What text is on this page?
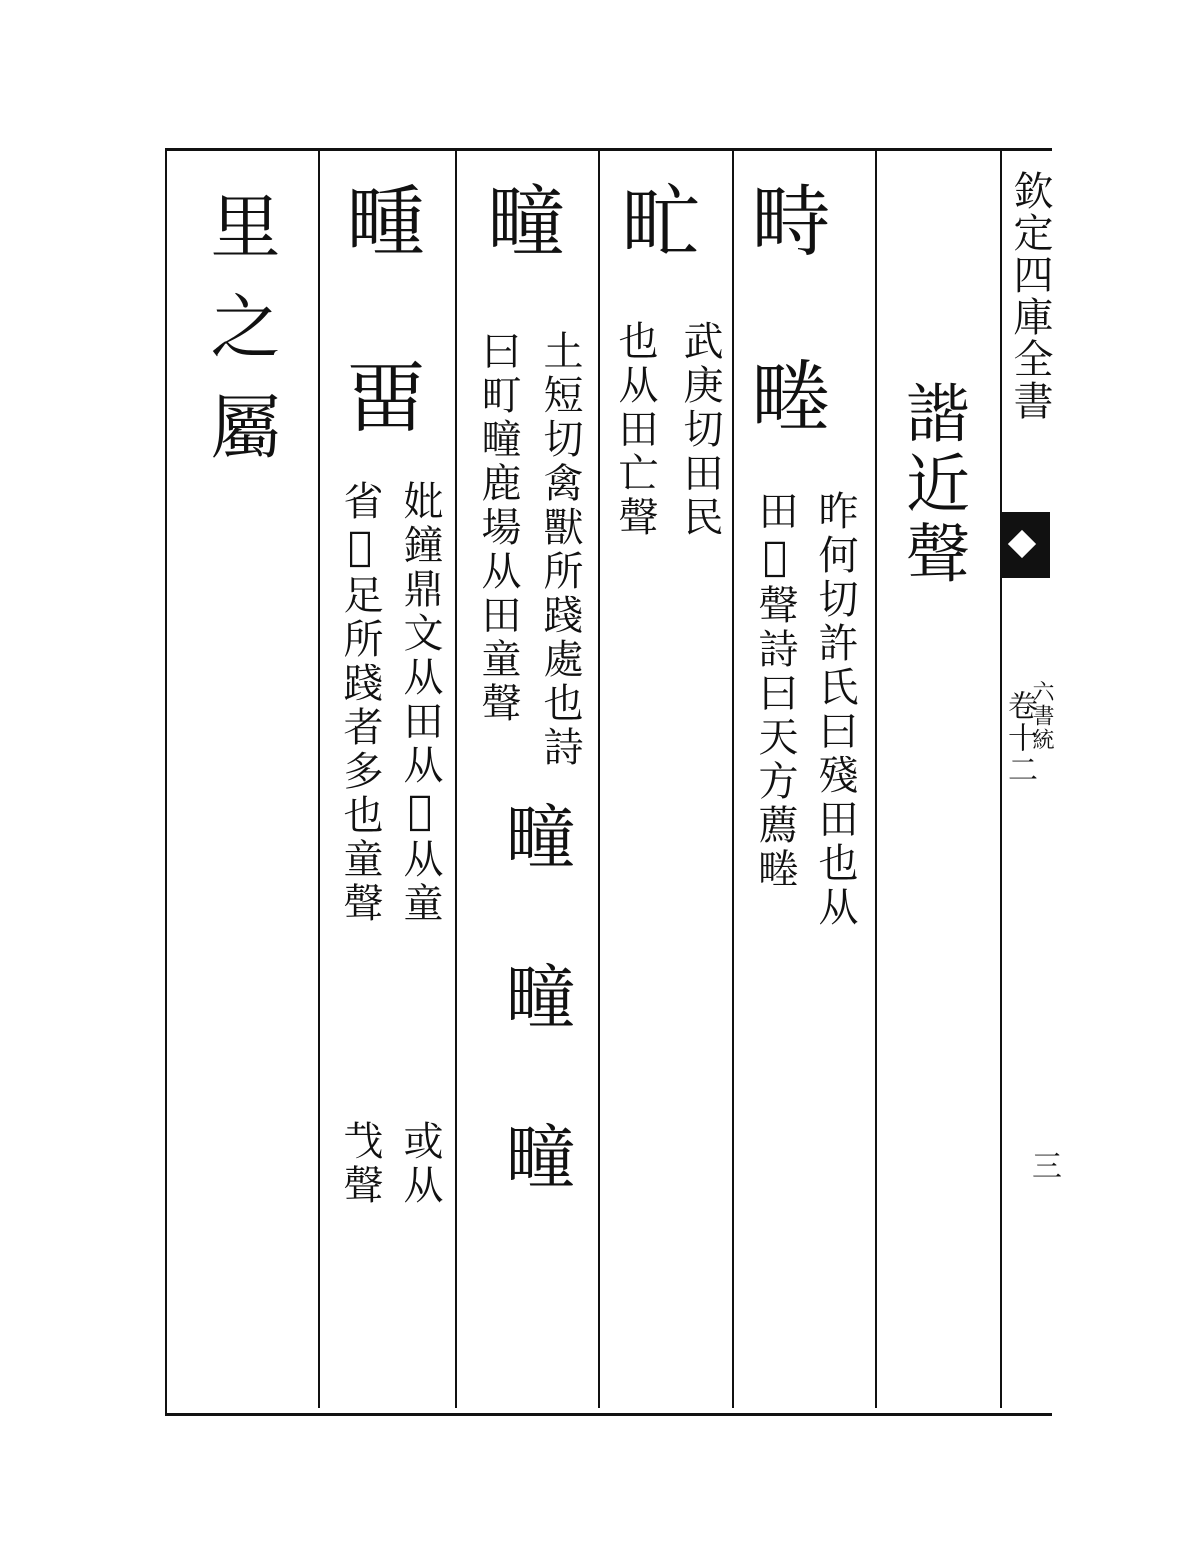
欽定四庫全書
卷十二
六書統
三
諧近聲
畤 畻
昨何切許氏曰殘田也从
田𣀋聲詩曰天方薦畻
甿
武庚切田民
也从田亡聲
疃
土短切禽獸所踐處也詩
曰町疃鹿場从田童聲
疃 疃 疃
畽 畱
妣鐘鼎文从田从𡕥从童
省𡕥足所踐者多也童聲
或从
𢦏聲
里之屬
